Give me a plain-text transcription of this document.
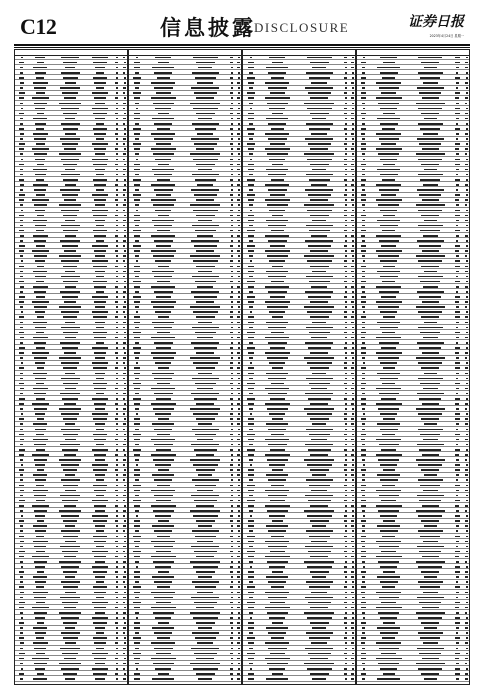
C12	信息披露
DISCLOSURE	证券日报
2023年4月24日 星期一
